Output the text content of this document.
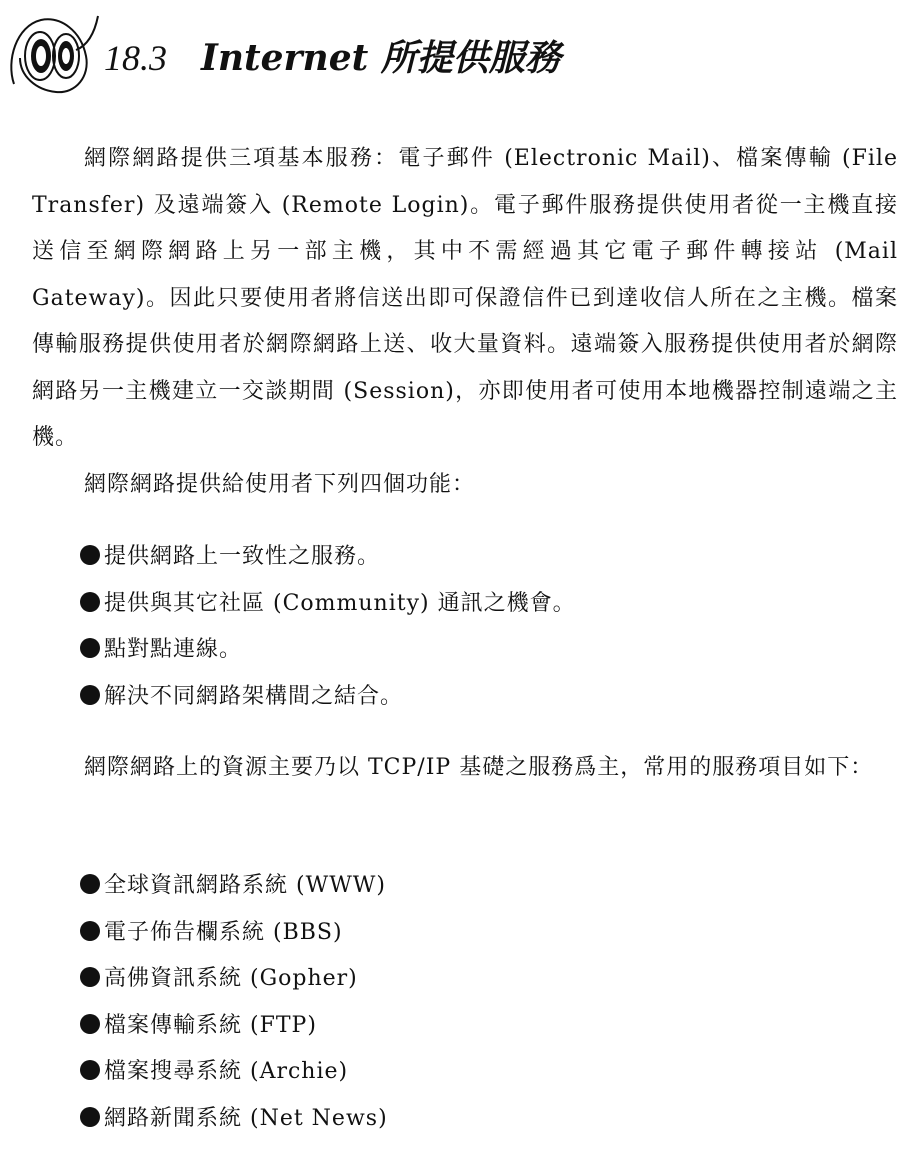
18.3 Internet 所提供服務

網際網路提供三項基本服務：電子郵件 (Electronic Mail)、檔案傳輸 (File Transfer) 及遠端簽入 (Remote Login)。電子郵件服務提供使用者從一主機直接送信至網際網路上另一部主機，其中不需經過其它電子郵件轉接站 (Mail Gateway)。因此只要使用者將信送出即可保證信件已到達收信人所在之主機。檔案傳輸服務提供使用者於網際網路上送、收大量資料。遠端簽入服務提供使用者於網際網路另一主機建立一交談期間 (Session)，亦即使用者可使用本地機器控制遠端之主機。

網際網路提供給使用者下列四個功能：

提供網路上一致性之服務。
提供與其它社區 (Community) 通訊之機會。
點對點連線。
解決不同網路架構間之結合。

網際網路上的資源主要乃以 TCP/IP 基礎之服務爲主，常用的服務項目如下：

全球資訊網路系統 (WWW)
電子佈告欄系統 (BBS)
高佛資訊系統 (Gopher)
檔案傳輸系統 (FTP)
檔案搜尋系統 (Archie)
網路新聞系統 (Net News)
